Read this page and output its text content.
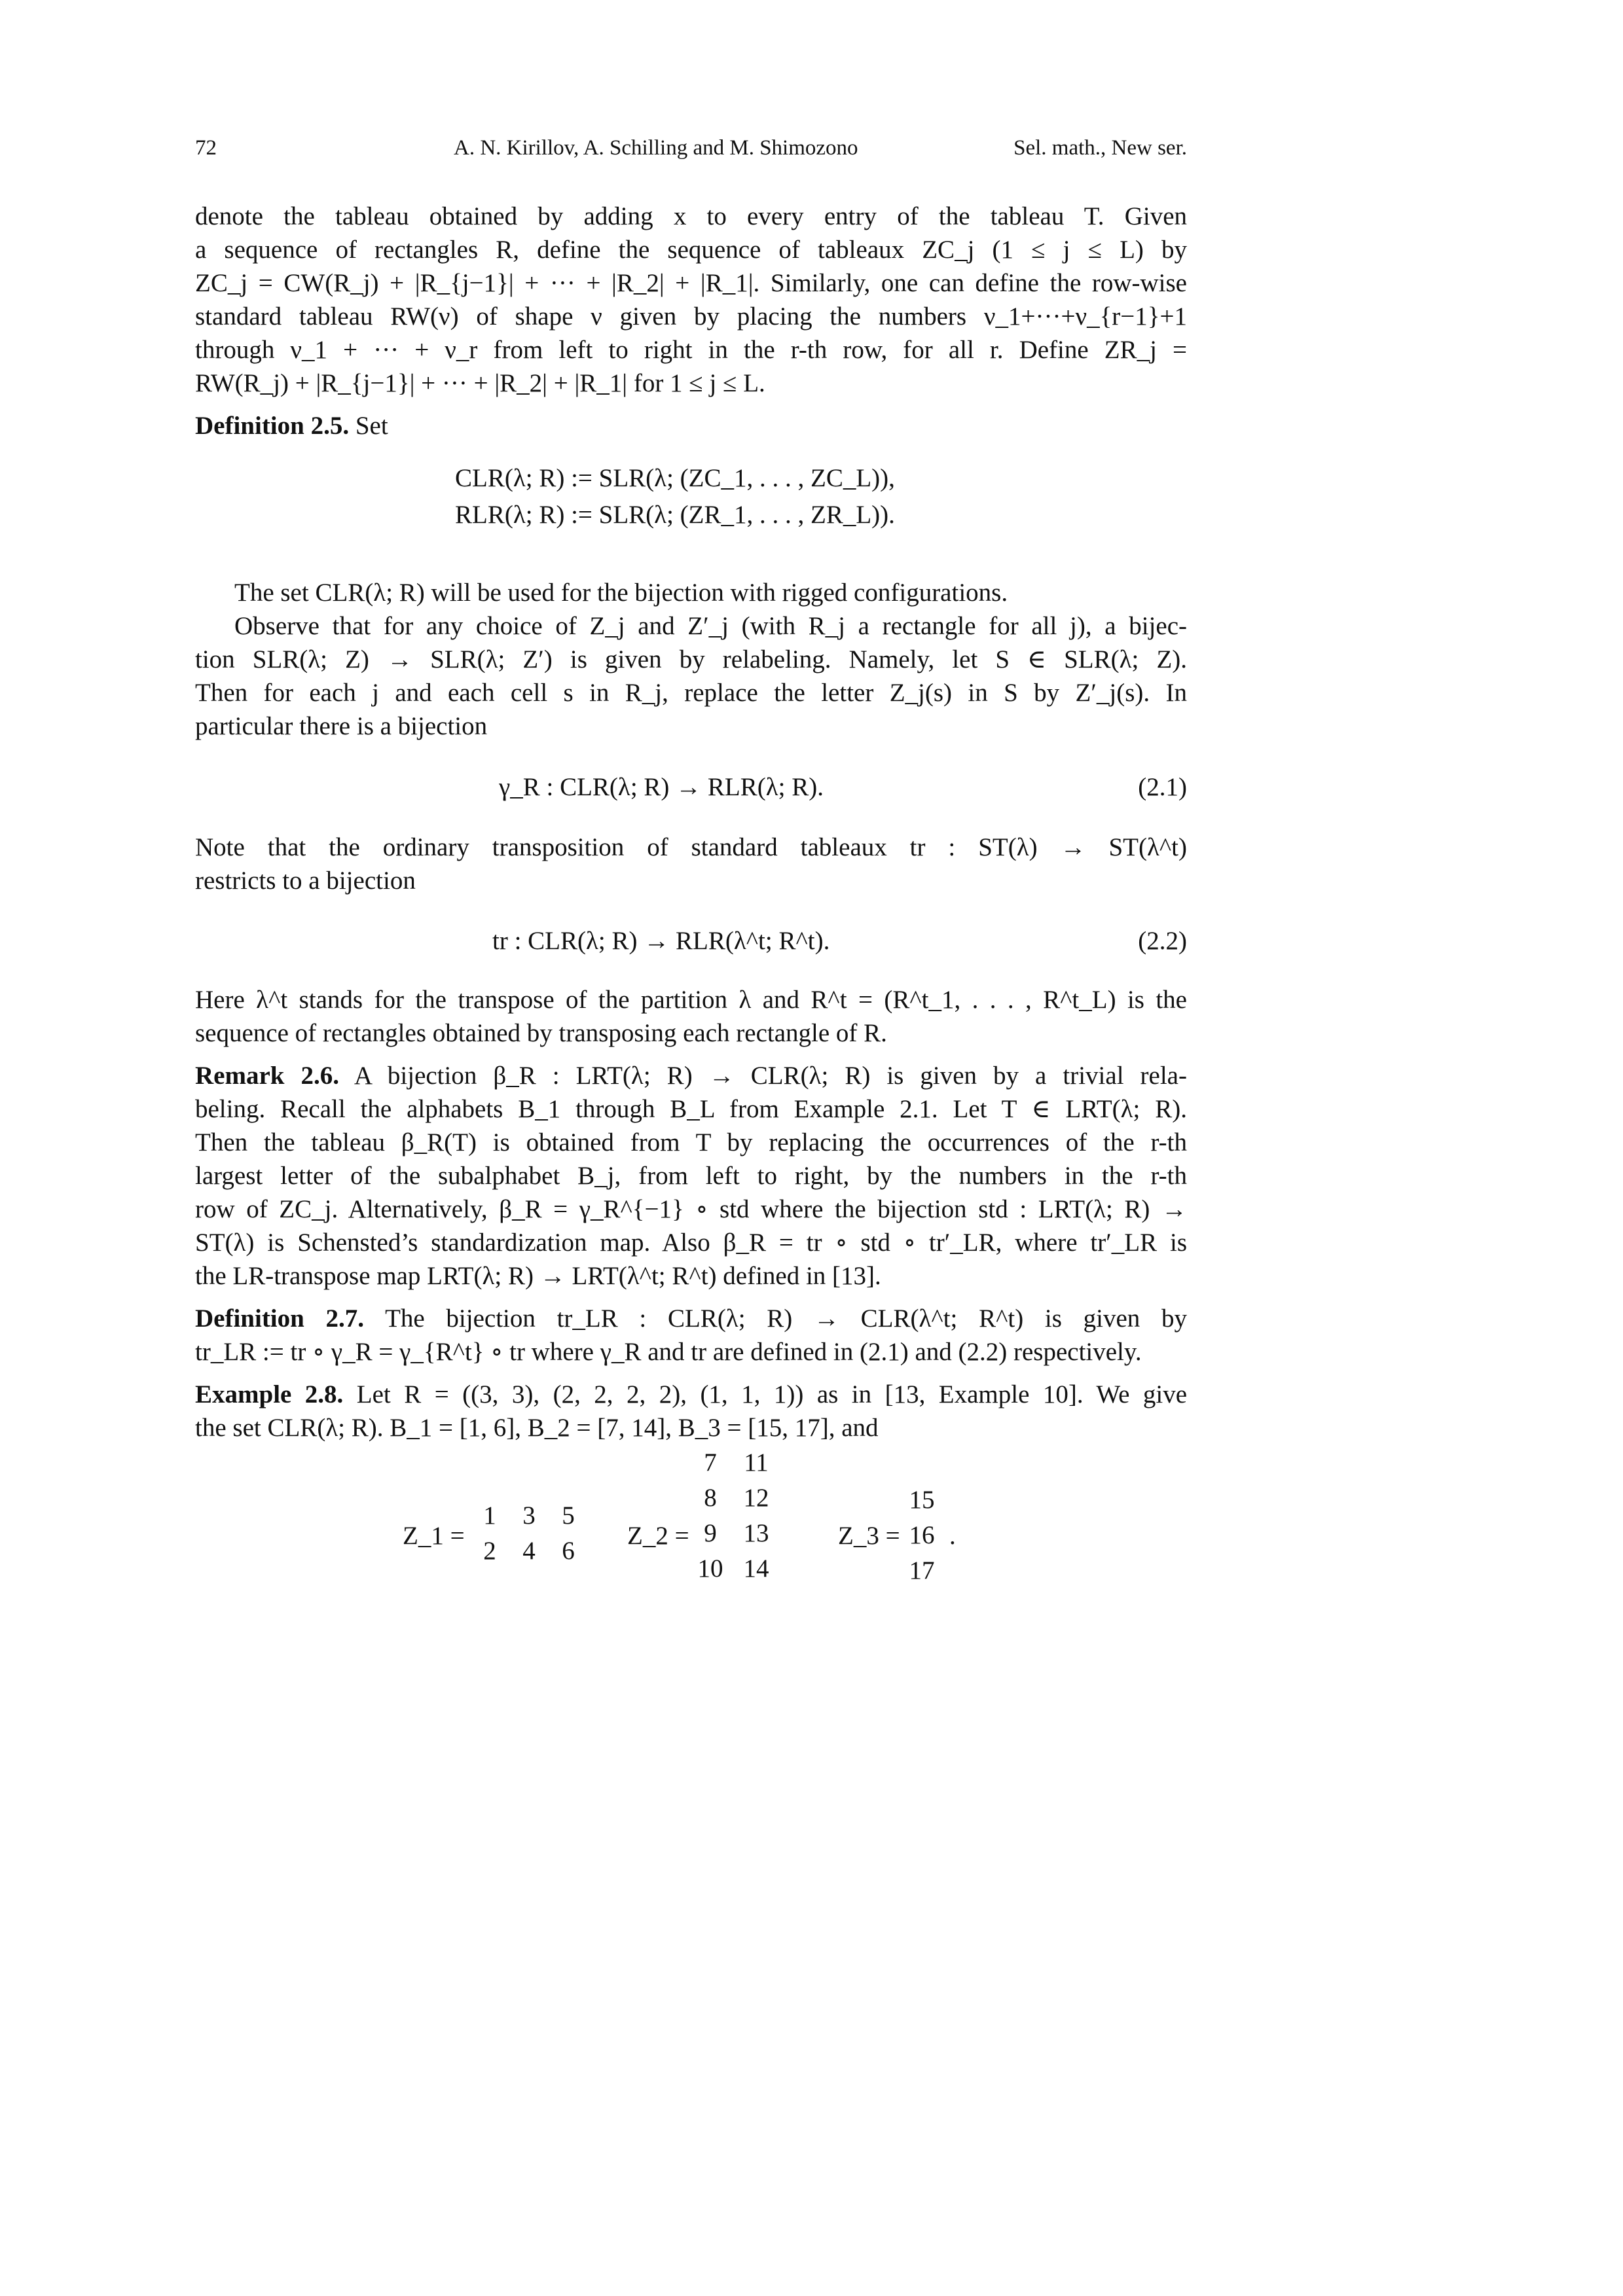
72	A. N. Kirillov, A. Schilling and M. Shimozono	Sel. math., New ser.
denote the tableau obtained by adding x to every entry of the tableau T. Given
a sequence of rectangles R, define the sequence of tableaux ZC_j (1 ≤ j ≤ L) by
ZC_j = CW(R_j) + |R_{j−1}| + ··· + |R_2| + |R_1|. Similarly, one can define the row-wise
standard tableau RW(ν) of shape ν given by placing the numbers ν_1+···+ν_{r−1}+1
through ν_1 + ··· + ν_r from left to right in the r-th row, for all r. Define ZR_j =
RW(R_j) + |R_{j−1}| + ··· + |R_2| + |R_1| for 1 ≤ j ≤ L.
Definition 2.5. Set
CLR(λ; R) := SLR(λ; (ZC_1, . . . , ZC_L)),
RLR(λ; R) := SLR(λ; (ZR_1, . . . , ZR_L)).
The set CLR(λ; R) will be used for the bijection with rigged configurations.
Observe that for any choice of Z_j and Z′_j (with R_j a rectangle for all j), a bijec-
tion SLR(λ; Z) → SLR(λ; Z′) is given by relabeling. Namely, let S ∈ SLR(λ; Z).
Then for each j and each cell s in R_j, replace the letter Z_j(s) in S by Z′_j(s). In
particular there is a bijection
γ_R : CLR(λ; R) → RLR(λ; R).	(2.1)
Note that the ordinary transposition of standard tableaux tr : ST(λ) → ST(λ^t)
restricts to a bijection
tr : CLR(λ; R) → RLR(λ^t; R^t).	(2.2)
Here λ^t stands for the transpose of the partition λ and R^t = (R^t_1, . . . , R^t_L) is the
sequence of rectangles obtained by transposing each rectangle of R.
Remark 2.6. A bijection β_R : LRT(λ; R) → CLR(λ; R) is given by a trivial rela-
beling. Recall the alphabets B_1 through B_L from Example 2.1. Let T ∈ LRT(λ; R).
Then the tableau β_R(T) is obtained from T by replacing the occurrences of the r-th
largest letter of the subalphabet B_j, from left to right, by the numbers in the r-th
row of ZC_j. Alternatively, β_R = γ_R^{−1} ∘ std where the bijection std : LRT(λ; R) →
ST(λ) is Schensted’s standardization map. Also β_R = tr ∘ std ∘ tr′_LR, where tr′_LR is
the LR-transpose map LRT(λ; R) → LRT(λ^t; R^t) defined in [13].
Definition 2.7. The bijection tr_LR : CLR(λ; R) → CLR(λ^t; R^t) is given by
tr_LR := tr ∘ γ_R = γ_{R^t} ∘ tr where γ_R and tr are defined in (2.1) and (2.2) respectively.
Example 2.8. Let R = ((3, 3), (2, 2, 2, 2), (1, 1, 1)) as in [13, Example 10]. We give
the set CLR(λ; R). B_1 = [1, 6], B_2 = [7, 14], B_3 = [15, 17], and
Z_1 =
1	3	5
2	4	6
Z_2 =
7	11
8	12
9	13
10 14
Z_3 =
15
16
17
.
